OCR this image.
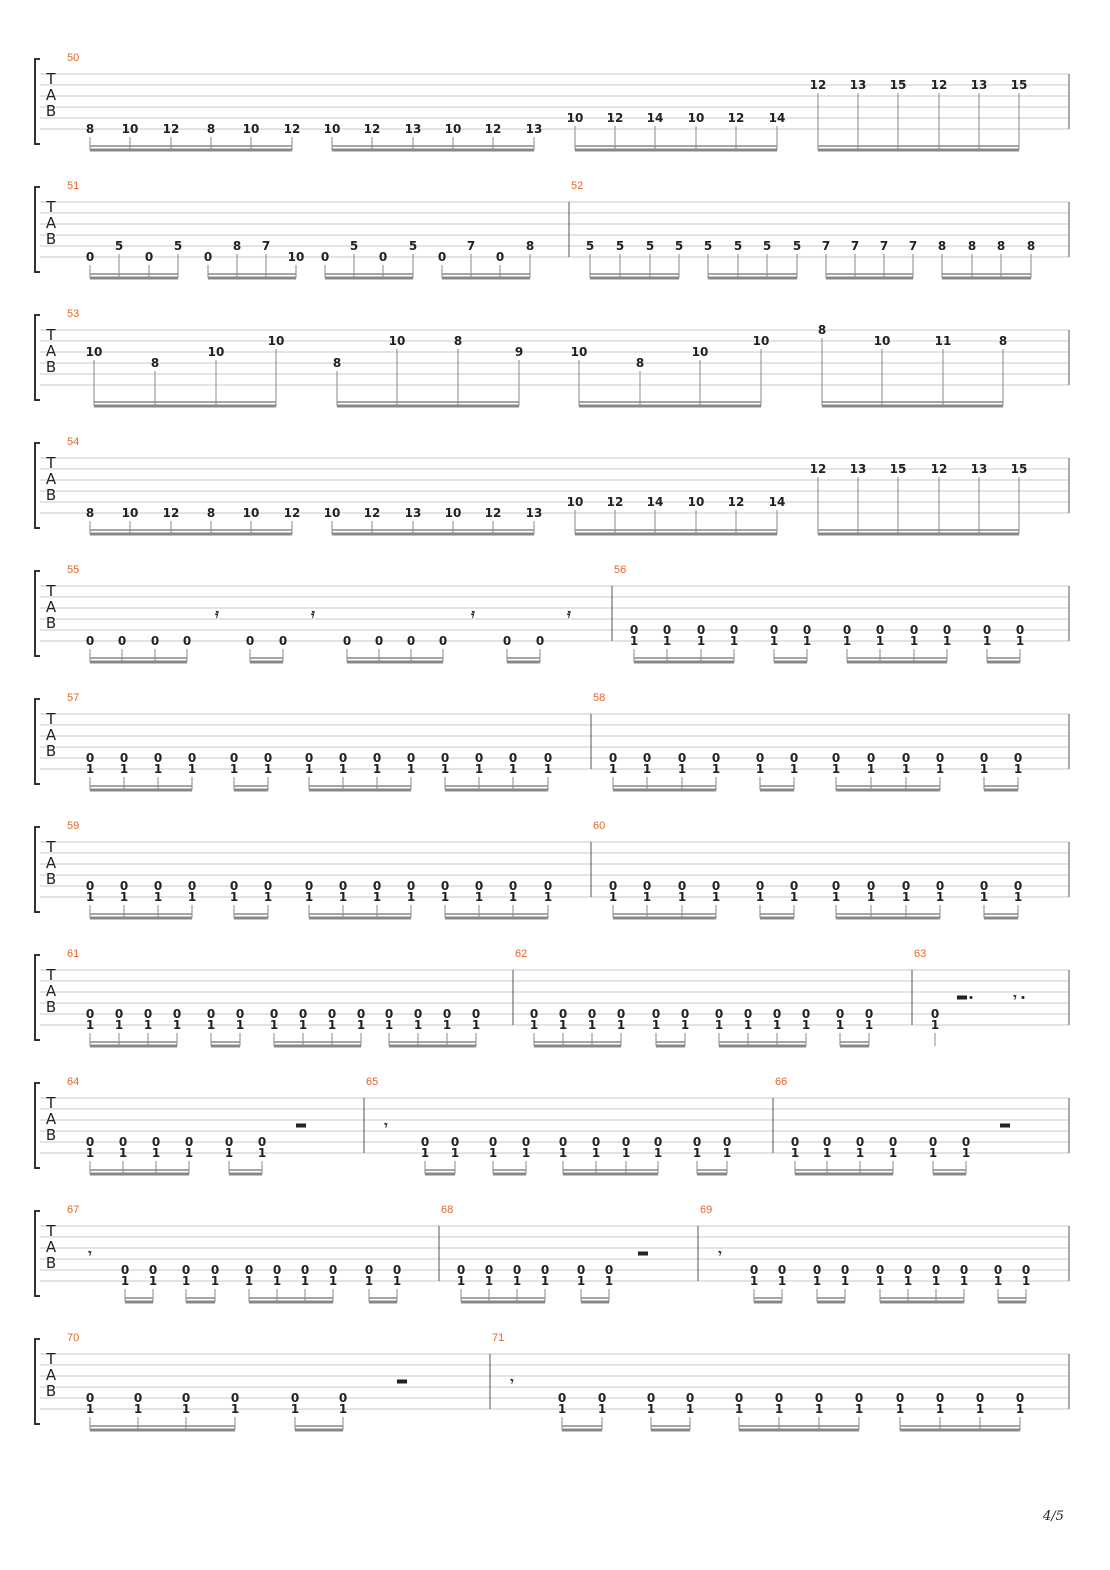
T
A
B
50
8 10 12 8 10 12 10 12 13 10 12 13
10 12 14 10 12 14
12 13 15 12 13 15
T
A
B
51	52
0
5
0
5
0
8 7
10 0
5
0
5
0
7
0
8	5 5 5 5 5 5 5 5 7 7 7 7 8 8 8 8
T
A
B
53
10
8
10
10
8
10	8
9	10
8
10
10
8
10	11	8
T
A
B
54
8 10 12 8 10 12 10 12 13 10 12 13
10 12 14 10 12 14
12 13 15 12 13 15
T
A
B
55	56
0 0 0 0	0 0	0 0 0 0	0 0
0
1
0
1
0
1
0
1
0
1
0
1
0
1
0
1
0
1
0
1
0
1
0
1
T
A
B
57	58
0
1
0
1
0
1
0
1
0
1
0
1
0
1
0
1
0
1
0
1
0
1
0
1
0
1
0
1
0
1
0
1
0
1
0
1
0
1
0
1
0
1
0
1
0
1
0
1
0
1
0
1
T
A
B
59	60
0
1
0
1
0
1
0
1
0
1
0
1
0
1
0
1
0
1
0
1
0
1
0
1
0
1
0
1
0
1
0
1
0
1
0
1
0
1
0
1
0
1
0
1
0
1
0
1
0
1
0
1
T
A
B
61	62	63
0
1
0
1
0
1
0
1
0
1
0
1
0
1
0
1
0
1
0
1
0
1
0
1
0
1
0
1
0
1
0
1
0
1
0
1
0
1
0
1
0
1
0
1
0
1
0
1
0
1
0
1
0
1
T
A
B
64	65	66
0
1
0
1
0
1
0
1
0
1
0
1
0
1
0
1
0
1
0
1
0
1
0
1
0
1
0
1
0
1
0
1
0
1
0
1
0
1
0
1
0
1
0
1
T
A
B
67	68	69
0
1
0
1
0
1
0
1
0
1
0
1
0
1
0
1
0
1
0
1
0
1
0
1
0
1
0
1
0
1
0
1
0
1
0
1
0
1
0
1
0
1
0
1
0
1
0
1
0
1
0
1
T
A
B
70	71
0
1
0
1
0
1
0
1
0
1
0
1
0
1
0
1
0
1
0
1
0
1
0
1
0
1
0
1
0
1
0
1
0
1
0
1
𝄿	𝄿	𝄿	𝄿
𝄾
𝄾
𝄾	𝄾
𝄾
4/5
